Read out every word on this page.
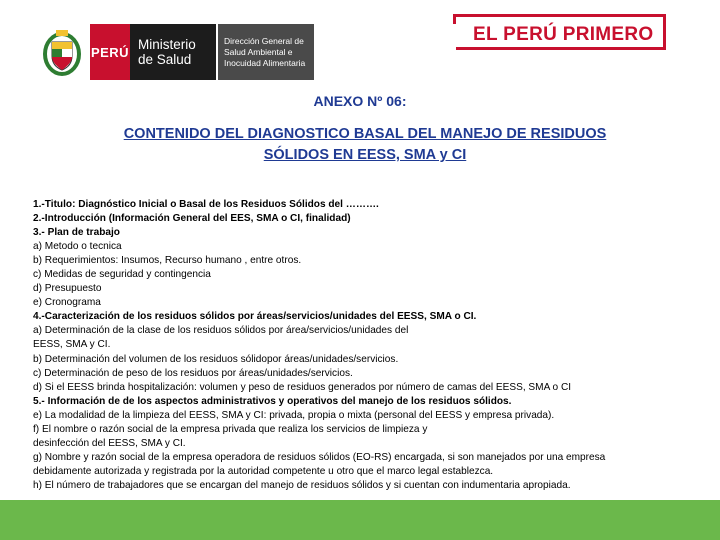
PERÚ Ministerio
de Salud
Dirección General de
Salud Ambiental e
Inocuidad Alimentaria
EL PERÚ PRIMERO
ANEXO Nº 06:
CONTENIDO DEL DIAGNOSTICO BASAL DEL MANEJO DE RESIDUOS
SÓLIDOS EN EESS, SMA y CI
1.-Titulo: Diagnóstico Inicial o Basal de los Residuos Sólidos del ……….
2.-Introducción (Información General del EES, SMA o CI, finalidad)
3.- Plan de trabajo
a) Metodo o tecnica
b) Requerimientos: Insumos, Recurso humano , entre otros.
c) Medidas de seguridad y contingencia
d) Presupuesto
e) Cronograma
4.-Caracterización de los residuos sólidos por áreas/servicios/unidades del EESS, SMA o CI.
a) Determinación de la clase de los residuos sólidos por área/servicios/unidades del
EESS, SMA y CI.
b) Determinación del volumen de los residuos sólidopor áreas/unidades/servicios.
c) Determinación de peso de los residuos por áreas/unidades/servicios.
d) Si el EESS brinda hospitalización: volumen y peso de residuos generados por número de camas del EESS, SMA o CI
5.- Información de de los aspectos administrativos y operativos del manejo de los residuos sólidos.
e) La modalidad de la limpieza del EESS, SMA y CI: privada, propia o mixta (personal del EESS y empresa privada).
f) El nombre o razón social de la empresa privada que realiza los servicios de limpieza y
desinfección del EESS, SMA y CI.
g) Nombre y razón social de la empresa operadora de residuos sólidos (EO-RS) encargada, si son manejados por una empresa
debidamente autorizada y registrada por la autoridad competente u otro que el marco legal establezca.
h) El número de trabajadores que se encargan del manejo de residuos sólidos y si cuentan con indumentaria apropiada.
